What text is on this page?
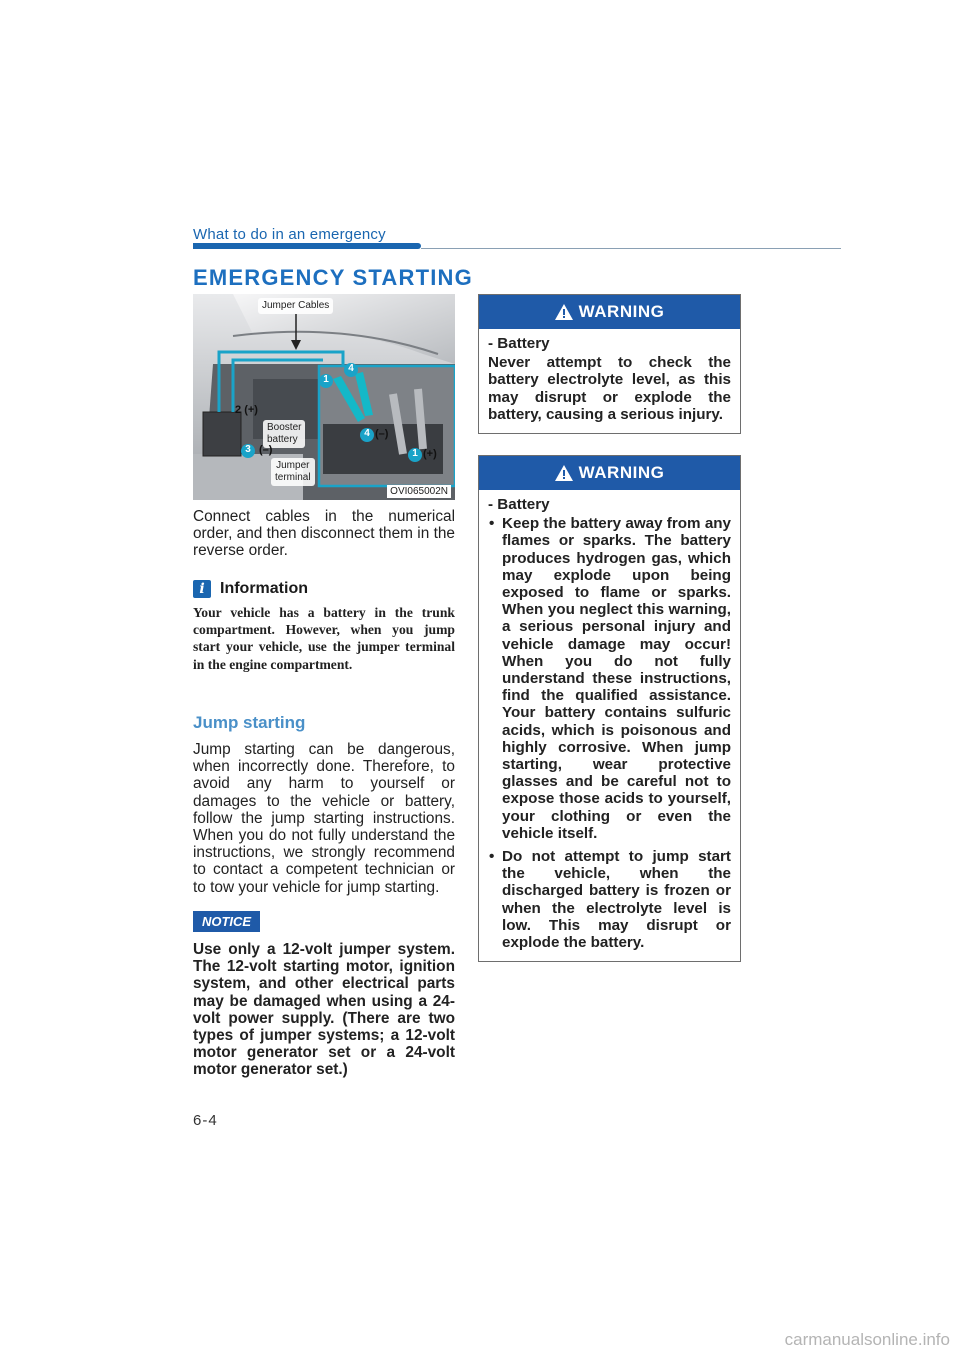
What to do in an emergency
EMERGENCY STARTING
Jumper Cables
Booster
battery
Jumper
terminal
2 (+)
(–)
(–)
(+)
1
4
3
4
1
OVI065002N

Connect cables in the numerical order, and then disconnect them in the reverse order.

i Information

Your vehicle has a battery in the trunk compartment. However, when you jump start your vehicle, use the jumper terminal in the engine compartment.

Jump starting

Jump starting can be dangerous, when incorrectly done. Therefore, to avoid any harm to yourself or damages to the vehicle or battery, follow the jump starting instructions. When you do not fully understand the instructions, we strongly recommend to contact a competent technician or to tow your vehicle for jump starting.

NOTICE

Use only a 12-volt jumper system. The 12-volt starting motor, ignition system, and other electrical parts may be damaged when using a 24-volt power supply. (There are two types of jumper systems; a 12-volt motor generator set or a 24-volt motor generator set.)

WARNING

- Battery

Never attempt to check the battery electrolyte level, as this may disrupt or explode the battery, causing a serious injury.

WARNING

- Battery

• Keep the battery away from any flames or sparks. The battery produces hydrogen gas, which may explode upon being exposed to flame or sparks. When you neglect this warning, a serious personal injury and vehicle damage may occur! When you do not fully understand these instructions, find the qualified assistance. Your battery contains sulfuric acids, which is poisonous and highly corrosive. When jump starting, wear protective glasses and be careful not to expose those acids to yourself, your clothing or even the vehicle itself.
• Do not attempt to jump start the vehicle, when the discharged battery is frozen or when the electrolyte level is low. This may disrupt or explode the battery.
6-4
carmanualsonline.info
